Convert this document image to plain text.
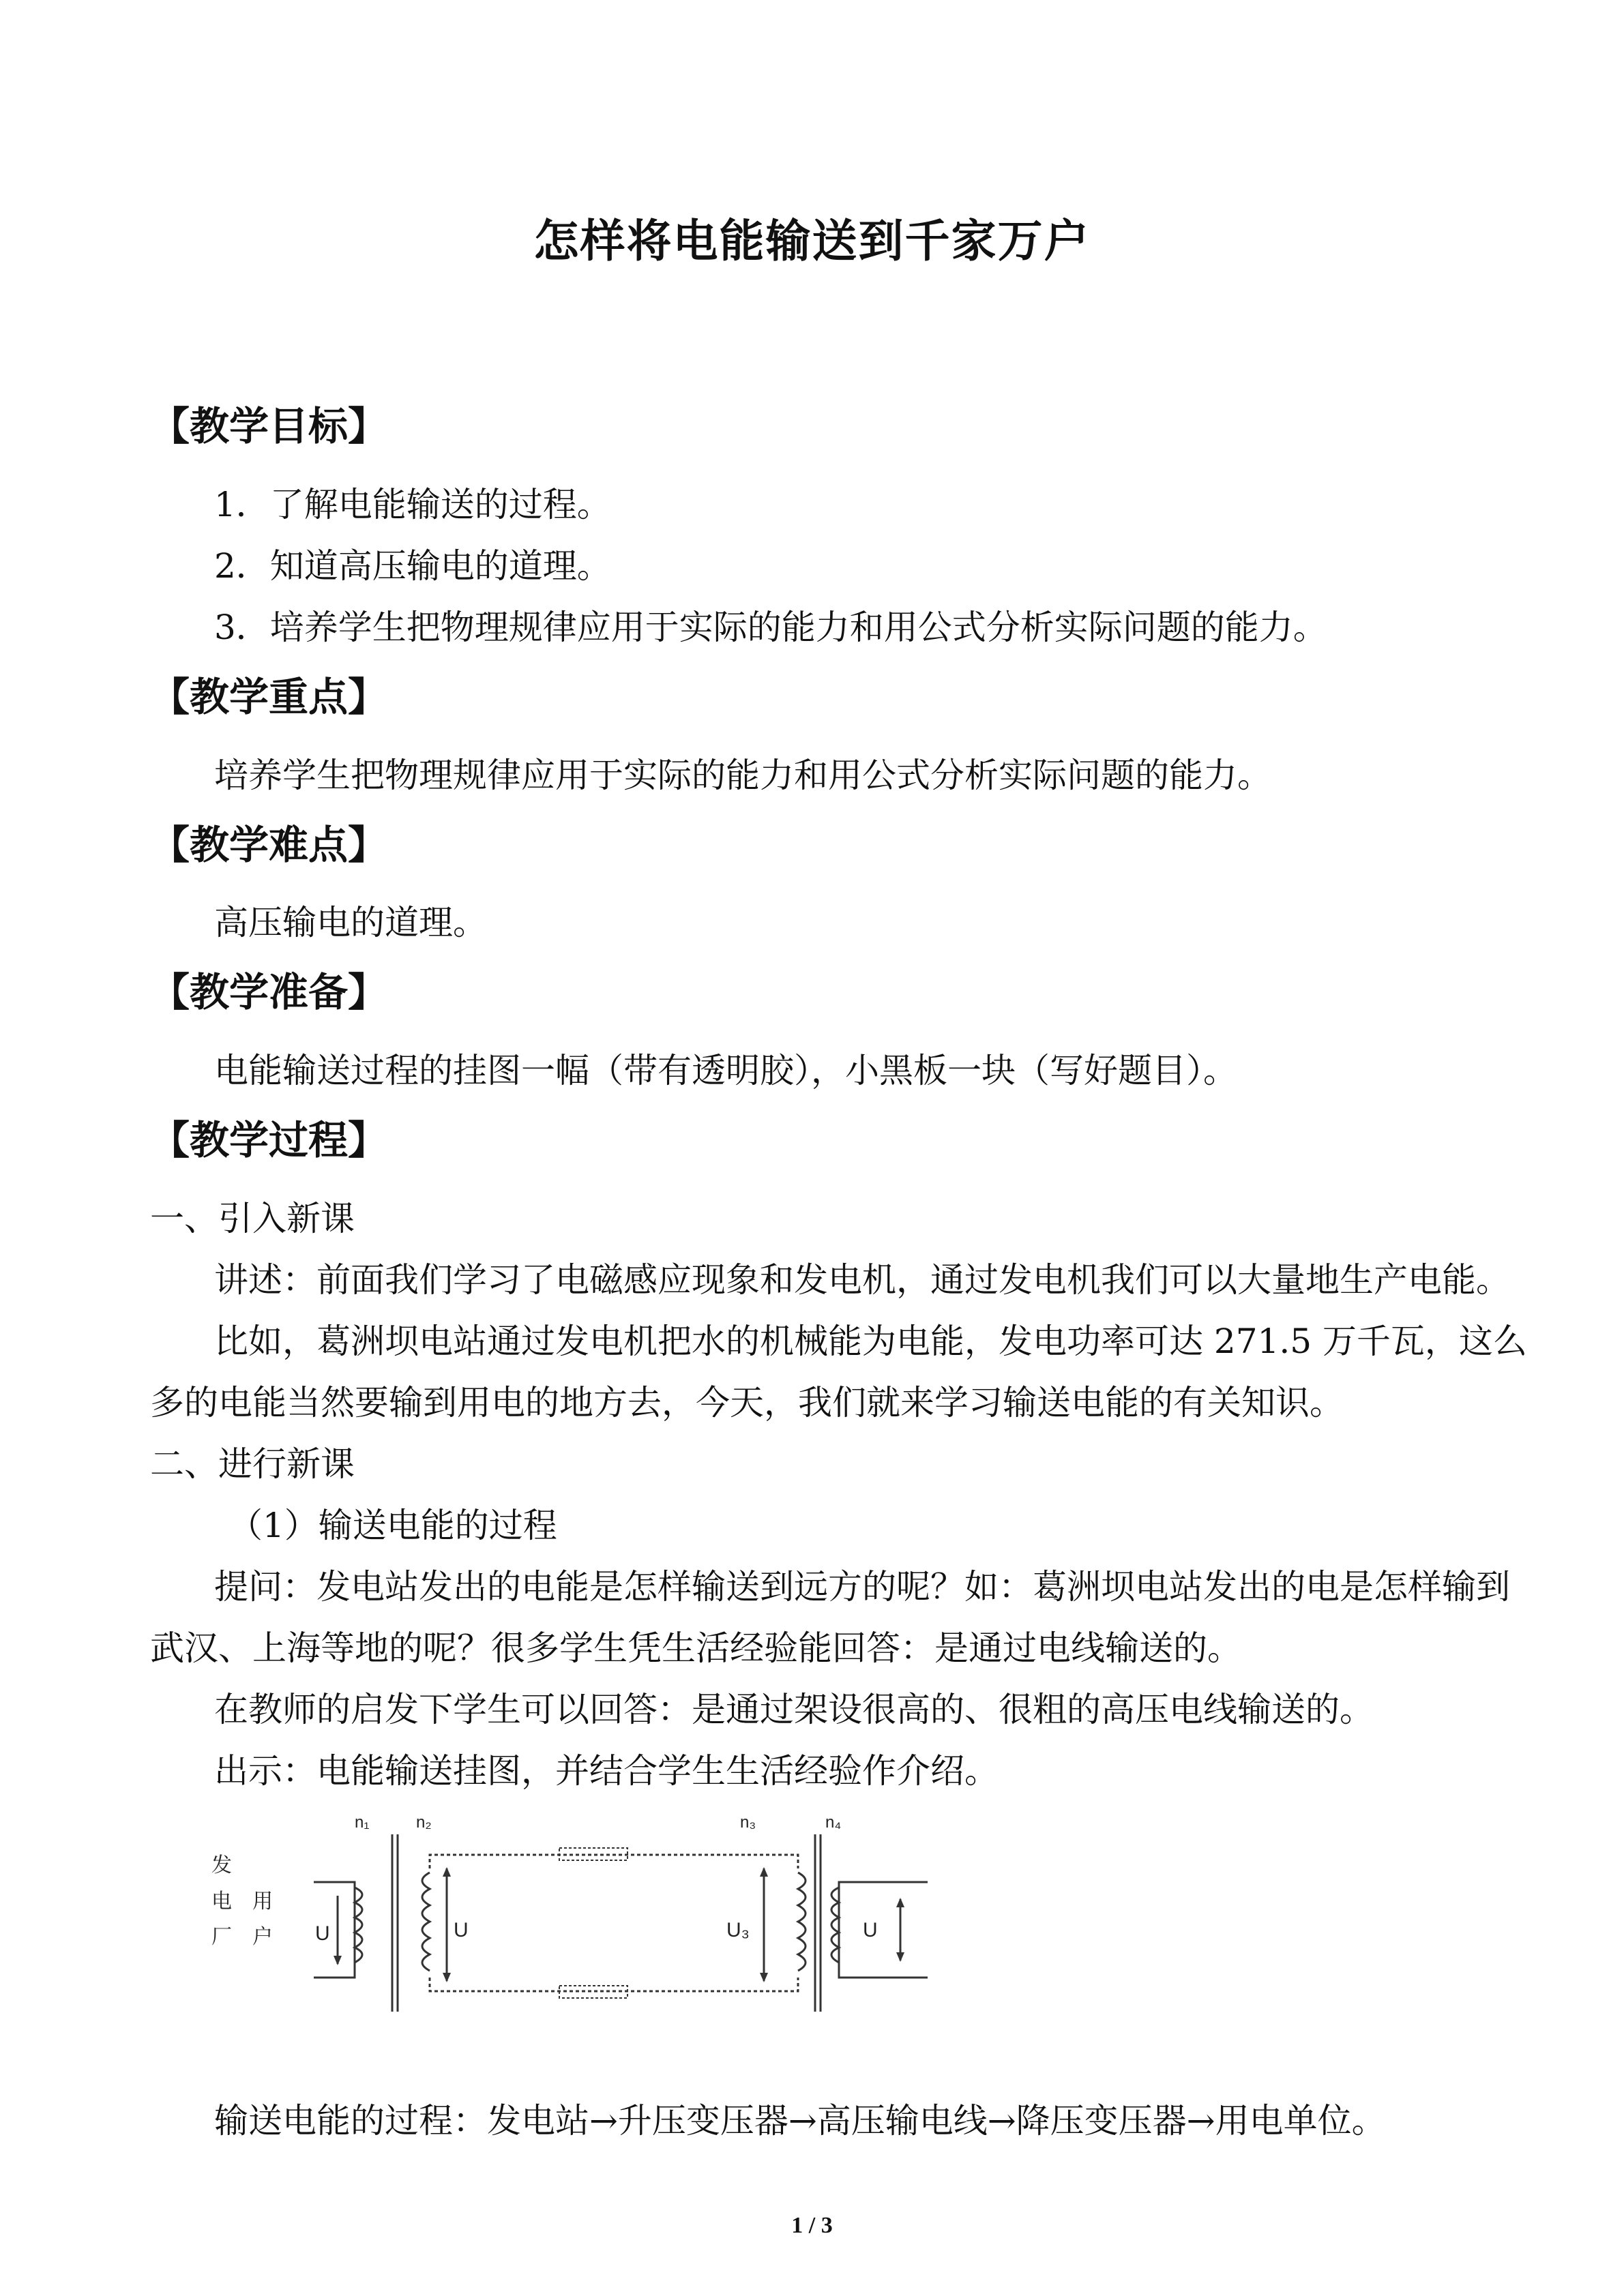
怎样将电能输送到千家万户
【教学目标】
1．了解电能输送的过程。
2．知道高压输电的道理。
3．培养学生把物理规律应用于实际的能力和用公式分析实际问题的能力。
【教学重点】
培养学生把物理规律应用于实际的能力和用公式分析实际问题的能力。
【教学难点】
高压输电的道理。
【教学准备】
电能输送过程的挂图一幅（带有透明胶），小黑板一块（写好题目）。
【教学过程】
一、引入新课
讲述：前面我们学习了电磁感应现象和发电机，通过发电机我们可以大量地生产电能。
比如，葛洲坝电站通过发电机把水的机械能为电能，发电功率可达 271.5 万千瓦，这么
多的电能当然要输到用电的地方去，今天，我们就来学习输送电能的有关知识。
二、进行新课
（1）输送电能的过程
提问：发电站发出的电能是怎样输送到远方的呢？如：葛洲坝电站发出的电是怎样输到
武汉、上海等地的呢？很多学生凭生活经验能回答：是通过电线输送的。
在教师的启发下学生可以回答：是通过架设很高的、很粗的高压电线输送的。
出示：电能输送挂图，并结合学生生活经验作介绍。
n₁	n₂	n₃	n₄
发
电
厂
用
户 U	U	U₃	U
输送电能的过程：发电站→升压变压器→高压输电线→降压变压器→用电单位。
1 / 3
